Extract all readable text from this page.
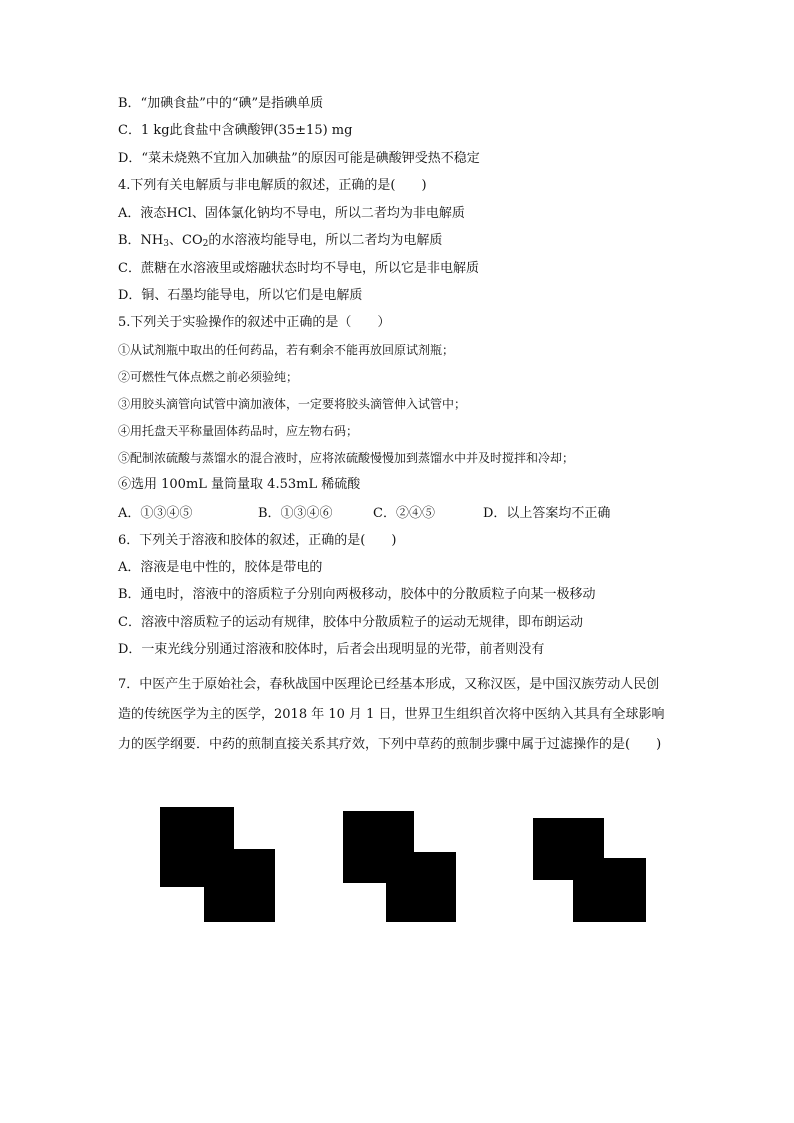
B．“加碘食盐”中的“碘”是指碘单质
C．1 kg此食盐中含碘酸钾(35±15) mg
D．“菜未烧熟不宜加入加碘盐”的原因可能是碘酸钾受热不稳定
4.下列有关电解质与非电解质的叙述，正确的是(　　)
A．液态HCl、固体氯化钠均不导电，所以二者均为非电解质
B．$NH_3$、$CO_2$的水溶液均能导电，所以二者均为电解质
C．蔗糖在水溶液里或熔融状态时均不导电，所以它是非电解质
D．铜、石墨均能导电，所以它们是电解质
5.下列关于实验操作的叙述中正确的是（　　）
①从试剂瓶中取出的任何药品，若有剩余不能再放回原试剂瓶；
②可燃性气体点燃之前必须验纯；
③用胶头滴管向试管中滴加液体，一定要将胶头滴管伸入试管中；
④用托盘天平称量固体药品时，应左物右码；
⑤配制浓硫酸与蒸馏水的混合液时，应将浓硫酸慢慢加到蒸馏水中并及时搅拌和冷却；
⑥选用 100mL 量筒量取 4.53mL 稀硫酸
A．①③④⑤	B．①③④⑥	C．②④⑤	D．以上答案均不正确
6．下列关于溶液和胶体的叙述，正确的是(　　)
A．溶液是电中性的，胶体是带电的
B．通电时，溶液中的溶质粒子分别向两极移动，胶体中的分散质粒子向某一极移动
C．溶液中溶质粒子的运动有规律，胶体中分散质粒子的运动无规律，即布朗运动
D．一束光线分别通过溶液和胶体时，后者会出现明显的光带，前者则没有
7．中医产生于原始社会，春秋战国中医理论已经基本形成，又称汉医，是中国汉族劳动人民创
造的传统医学为主的医学，2018 年 10 月 1 日，世界卫生组织首次将中医纳入其具有全球影响
力的医学纲要．中药的煎制直接关系其疗效，下列中草药的煎制步骤中属于过滤操作的是(　　)
